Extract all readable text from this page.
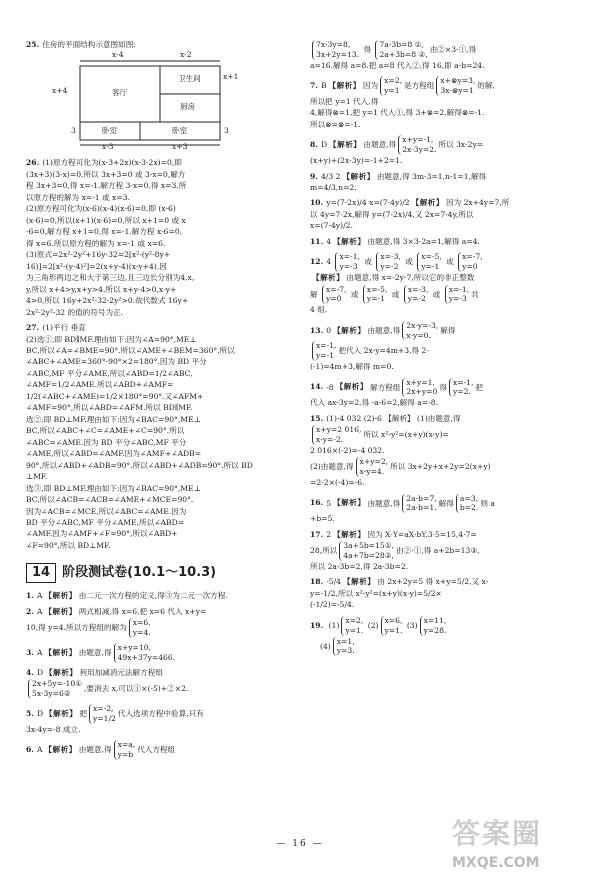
25. 住房的平面结构示意图如图:

x-4	x-2
x+4
x+1
卫生间
客厅
厨房
卧室	卧室
3	3
x-3	x+3

26. (1)原方程可化为(x-3+2x)(x-3-2x)=0,即

(3x+3)(3-x)=0.所以 3x+3=0 或 3-x=0,解方

程 3x+3=0,得 x=-1.解方程 3-x=0,得 x=3.所

以原方程的解为 x=-1 或 x=3.

(2)原方程可化为(x-6)(x-4)(x-6)=0,即 (x-6)

(x-6)=0,所以(x+1)(x-6)=0,所以 x+1=0 或 x

-6=0,解方程 x+1=0,得 x=-1.解方程 x-6=0,

得 x=6.所以原方程的解为 x=-1 或 x=6.

(3)原式=2x²-2y²+16y-32=2[x²-(y²-8y+

16)]=2[x²-(y-4)²]=2(x+y-4)(x-y+4).因

为三角形两边之和大于第三边,且三边长分别为4,x,

y,所以 x+4>y,x+y>4.所以 x+y-4>0,x-y+

4>0,所以 16y+2x²-32-2y²>0.故代数式 16y+

2x²-2y²-32 的值的符号为正.

27. (1)平行 垂直

(2)选①,即 BD∥MF.理由如下:因为∠A=90°,ME⊥

BC,所以∠A=∠BME=90°.所以∠AME+∠BEM=360°.所以

∠ABC+∠AME=360°-90°×2=180°.因为 BD 平分

∠ABC,MF 平分∠AME,所以∠ABD=1/2∠ABC,

∠AMF=1/2∠AME.所以∠ABD+∠AMF=

1/2(∠ABC+∠AME)=1/2×180°=90°.又∠AFM+

∠AMF=90°,所以∠ABD=∠AFM.所以 BD∥MF.

选②,即 BD⊥MF.理由如下:因为∠BAC=90°,ME⊥

BC,所以∠ABC+∠C=∠AME+∠C=90°.所以

∠ABC=∠AME.因为 BD 平分∠ABC,MF 平分

∠AME,所以∠ABD=∠AMF.因为∠AMF+∠ADB=

90°,所以∠ABD+∠ADB=90°.所以∠ABD+∠ADB=90°.所以 BD

⊥MF.

选③,即 BD⊥MF.理由如下:因为∠BAC=90°,ME⊥

BC,所以∠ACB=∠ACB=∠AME+∠MCE=90°.

因为∠ACB=∠MCE,所以∠ABC=∠AME.因为

BD 平分∠ABC,MF 平分∠AME,所以∠ABD=

∠AMF.因为∠AMF+∠F=90°,所以∠ABD+

∠F=90°,所以 BD⊥MF.

14 阶段测试卷(10.1～10.3)

1. A 【解析】 由二元一次方程的定义,得③为二元一次方程.

2. A 【解析】 两式相减,得 x=6,把 x=6 代入 x+y=

10,得 y=4.所以方程组的解为x=6,
y=4.

3. A 【解析】 由题意,得x+y=10,
49x+37y=466.

4. D 【解析】 利用加减消元法解方程组

2x+5y=-10①
5x-3y=6②,要消去 x,可以①×(-5)+②×2.

5. D 【解析】 把x=-2,
y=1/2代入选项方程中验算,只有

3x-4y=-8 成立.

6. A 【解析】 由题意,得x=a,
y=b代入方程组

7x-3y=8,
3x+2y=13. 得 7a-3b=8 ①,
2a+3b=8 ②,由②×3-①,得

a=16.解得 a=8.把 a=8 代入②,得 16,即 a-b=24.

7. B 【解析】 因为x=2,
y=1是方程组x+⊗y=3,
3x-⊗y=1的解,

所以把 y=1 代入,得

4,解得⊗=1,把 y=1 代入①,得 3+⊗=2,解得⊗=-1.

所以⊗=⊗=-1.

8. D 【解析】 由题意,得x+y=-1,
2x-3y=2.所以 3x-2y=

(x+y)+(2x-3y)=-1+2=1.

9. 4/3 2 【解析】 由题意,得 3m-3=1,n-1=1,解得

m=4/3,n=2.

10. y=(7-2x)/4 x=(7-4y)/2 【解析】 因为 2x+4y=7,所

以 4y=7-2x,解得 y=(7-2x)/4,又 2x=7-4y,所以

x=(7-4y)/2.

11. 4 【解析】 由题意,得 3×3-2a=1,解得 a=4.

12. 4 x=-1,
y=-3 或 x=-3,
y=-2 或 x=-5,
y=-1 或 x=-7,
y=0

【解析】 由题意,得 x=-2y-7,所以它的非正整数

解 x=-7,
y=0 或 x=-5,
y=-1 或 x=-3,
y=-2 或 x=-1,
y=-3共

4 组.

13. 0 【解析】 由题意,得2x-y=-3,
x-y=0.解得

x=-1,
y=-1把代入 2x-y=4m+3,得 2-

(-1)=4m+3,解得 m=0.

14. -8 【解析】 解方程组x+y=1,
2x+y=0得x=-1,
y=2.把

代入 ax-3y=2,得 -a-6=2,解得 a=-8.

15. (1)-4 032 (2)-6 【解析】 (1)由题意,得

x+y=2 016,
x-y=-2.所以 x²-y²=(x+y)(x-y)=

2 016×(-2)=-4 032.

(2)由题意,得x+y=2,
x-y=4.所以 3x+2y+x+2y=2(x+y)

=2-2×(-4)=-6.

16. 5 【解析】 由题意,得2a-b=7,
2a-b=1.解得a=3,
b=2.则 a

+b=5.

17. 2 【解析】 因为 X·Y=aX-bY,3·5=15,4·7=

28,所以3a+5b=15①,
4a+7b=28②,由②-①,得 a+2b=13③,

所以 2a-3b=2,得 2a-3b=2.

18. -5/4 【解析】 由 2x+2y=5 得 x+y=5/2,又 x-

y=-1/2,所以 x²-y²=(x+y)(x-y)=5/2×

(-1/2)=-5/4.

19. (1)x=2,
y=1. (2)x=6,
y=1. (3)x=11,
y=28.

(4)x=1,
y=3.

— 16 —	答案圈
MXQE.COM
